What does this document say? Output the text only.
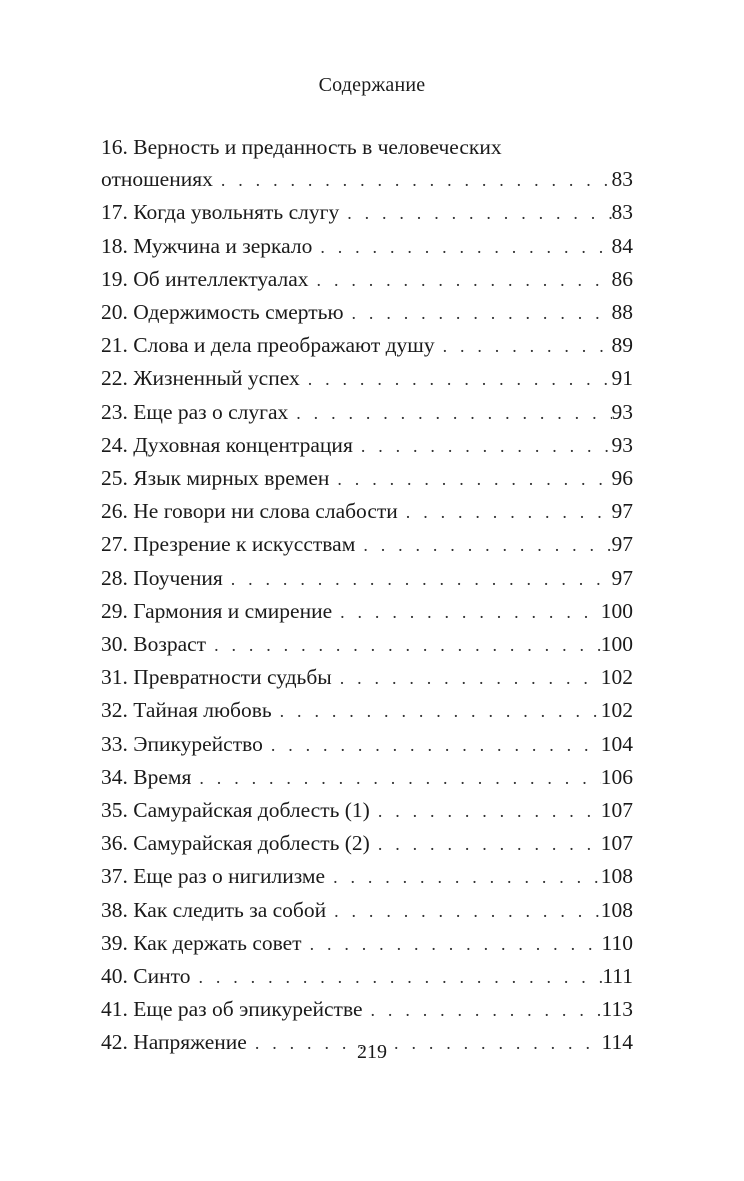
Содержание
16. Верность и преданность в человеческих
отношениях . . .	83
17. Когда увольнять слугу . . .	83
18. Мужчина и зеркало . . .	84
19. Об интеллектуалах . . .	86
20. Одержимость смертью . . .	88
21. Слова и дела преображают душу . . .	89
22. Жизненный успех . . .	91
23. Еще раз о слугах . . .	93
24. Духовная концентрация . . .	93
25. Язык мирных времен . . .	96
26. Не говори ни слова слабости . . .	97
27. Презрение к искусствам . . .	97
28. Поучения . . .	97
29. Гармония и смирение . . .	100
30. Возраст . . .	100
31. Превратности судьбы . . .	102
32. Тайная любовь . . .	102
33. Эпикурейство . . .	104
34. Время . . .	106
35. Самурайская доблесть (1) . . .	107
36. Самурайская доблесть (2) . . .	107
37. Еще раз о нигилизме . . .	108
38. Как следить за собой . . .	108
39. Как держать совет . . .	110
40. Синто . . .	111
41. Еще раз об эпикурействе . . .	113
42. Напряжение . . .	114
219
